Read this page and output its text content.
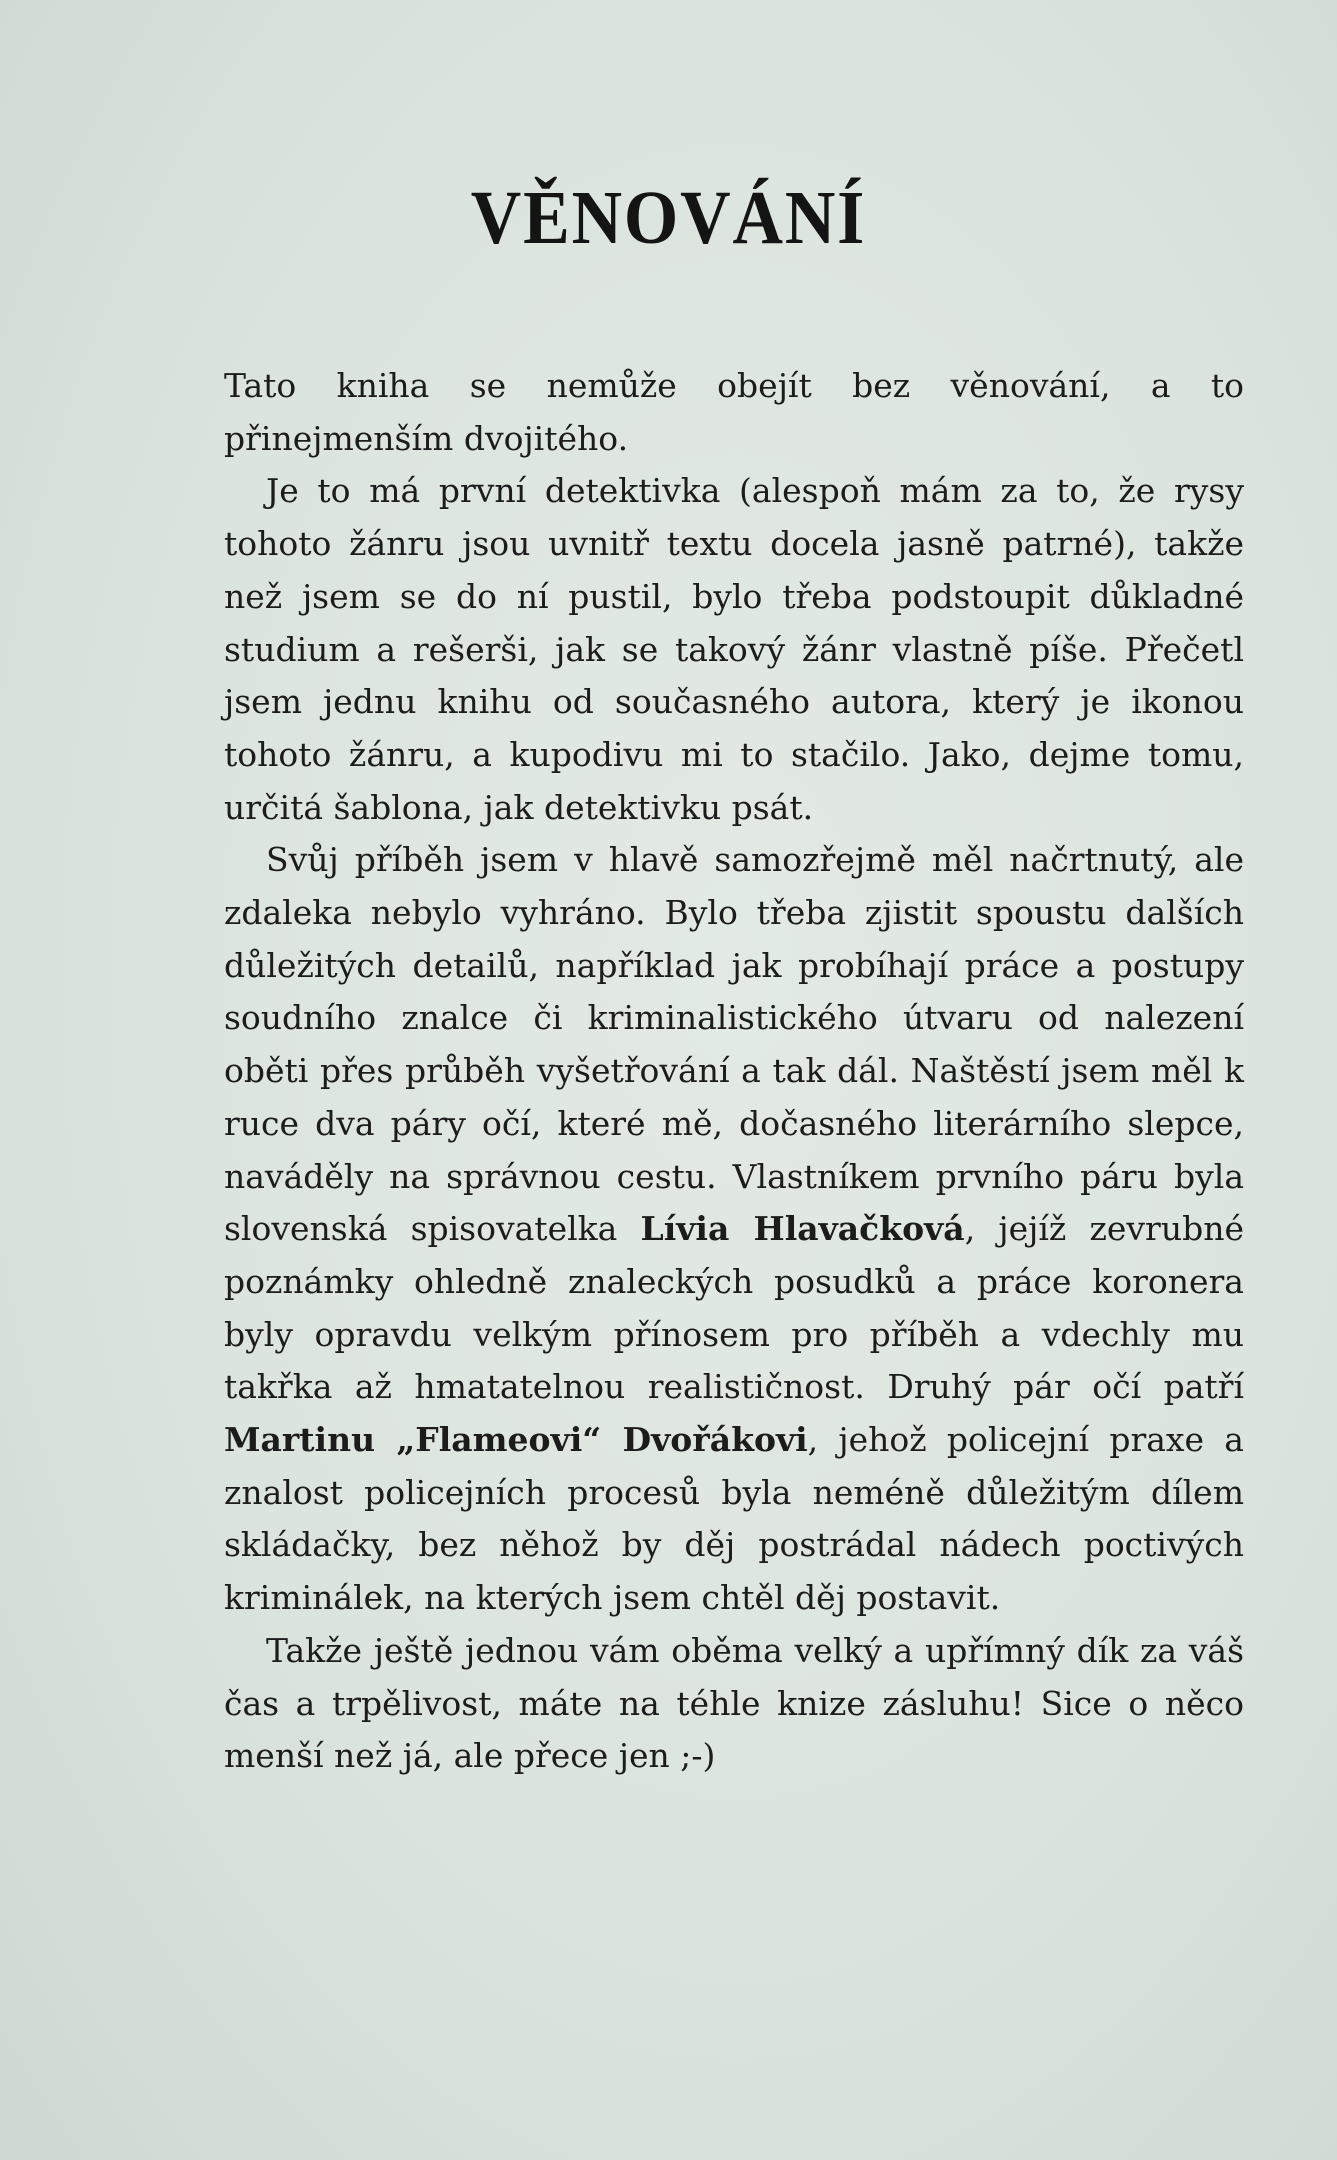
VĚNOVÁNÍ

Tato kniha se nemůže obejít bez věnování, a to přinejmenším dvojitého.

Je to má první detektivka (alespoň mám za to, že rysy tohoto žánru jsou uvnitř textu docela jasně patrné), takže než jsem se do ní pustil, bylo třeba podstoupit důkladné studium a rešerši, jak se takový žánr vlastně píše. Přečetl jsem jednu knihu od současného autora, který je ikonou tohoto žánru, a kupodivu mi to stačilo. Jako, dejme tomu, určitá šablona, jak detektivku psát.

Svůj příběh jsem v hlavě samozřejmě měl načrtnutý, ale zdaleka nebylo vyhráno. Bylo třeba zjistit spoustu dalších důležitých detailů, například jak probíhají práce a postupy soudního znalce či kriminalistického útvaru od nalezení oběti přes průběh vyšetřování a tak dál. Naštěstí jsem měl k ruce dva páry očí, které mě, dočasného literárního slepce, naváděly na správnou cestu. Vlastníkem prvního páru byla slovenská spisovatelka Lívia Hlavačková, jejíž zevrubné poznámky ohledně znaleckých posudků a práce koronera byly opravdu velkým přínosem pro příběh a vdechly mu takřka až hmatatelnou realističnost. Druhý pár očí patří Martinu „Flameovi“ Dvořákovi, jehož policejní praxe a znalost policejních procesů byla neméně důležitým dílem skládačky, bez něhož by děj postrádal nádech poctivých kriminálek, na kterých jsem chtěl děj postavit.

Takže ještě jednou vám oběma velký a upřímný dík za váš čas a trpělivost, máte na téhle knize zásluhu! Sice o něco menší než já, ale přece jen ;-)
